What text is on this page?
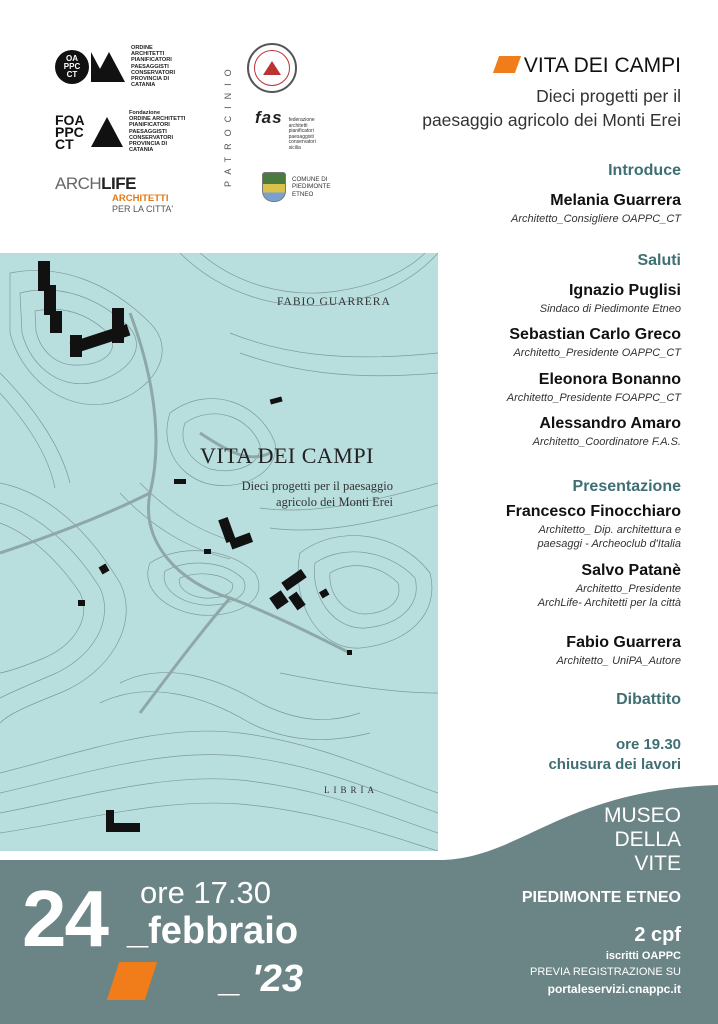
OA PPC CT
ORDINE
ARCHITETTI
PIANIFICATORI
PAESAGGISTI
CONSERVATORI
PROVINCIA DI
CATANIA
FOA PPC CT
Fondazione
ORDINE ARCHITETTI
PIANIFICATORI
PAESAGGISTI
CONSERVATORI
PROVINCIA DI
CATANIA
ARCHLIFE
ARCHITETTI
PER LA CITTA'
PATROCINIO	fas federazione
architetti
pianificatori
paesaggisti
conservatori
sicilia
COMUNE DI
PIEDIMONTE
ETNEO
VITA DEI CAMPI
Dieci progetti per il
paesaggio agricolo dei Monti Erei
Introduce
Melania Guarrera
Architetto_Consigliere OAPPC_CT
Saluti
Ignazio Puglisi
Sindaco di Piedimonte Etneo
Sebastian Carlo Greco
Architetto_Presidente OAPPC_CT
Eleonora Bonanno
Architetto_Presidente FOAPPC_CT
Alessandro Amaro
Architetto_Coordinatore F.A.S.
Presentazione
Francesco Finocchiaro
Architetto_ Dip. architettura e
paesaggi - Archeoclub d'Italia
Salvo Patanè
Architetto_Presidente
ArchLife- Architetti per la città
Fabio Guarrera
Architetto_ UniPA_Autore
Dibattito
ore 19.30
chiusura dei lavori
FABIO GUARRERA
VITA DEI CAMPI
Dieci progetti per il paesaggio
agricolo dei Monti Erei
LIBRIA
24 ore 17.30
_febbraio
_ '23
MUSEO
DELLA
VITE
PIEDIMONTE ETNEO
2 cpf
iscritti OAPPC
PREVIA REGISTRAZIONE SU
portaleservizi.cnappc.it
